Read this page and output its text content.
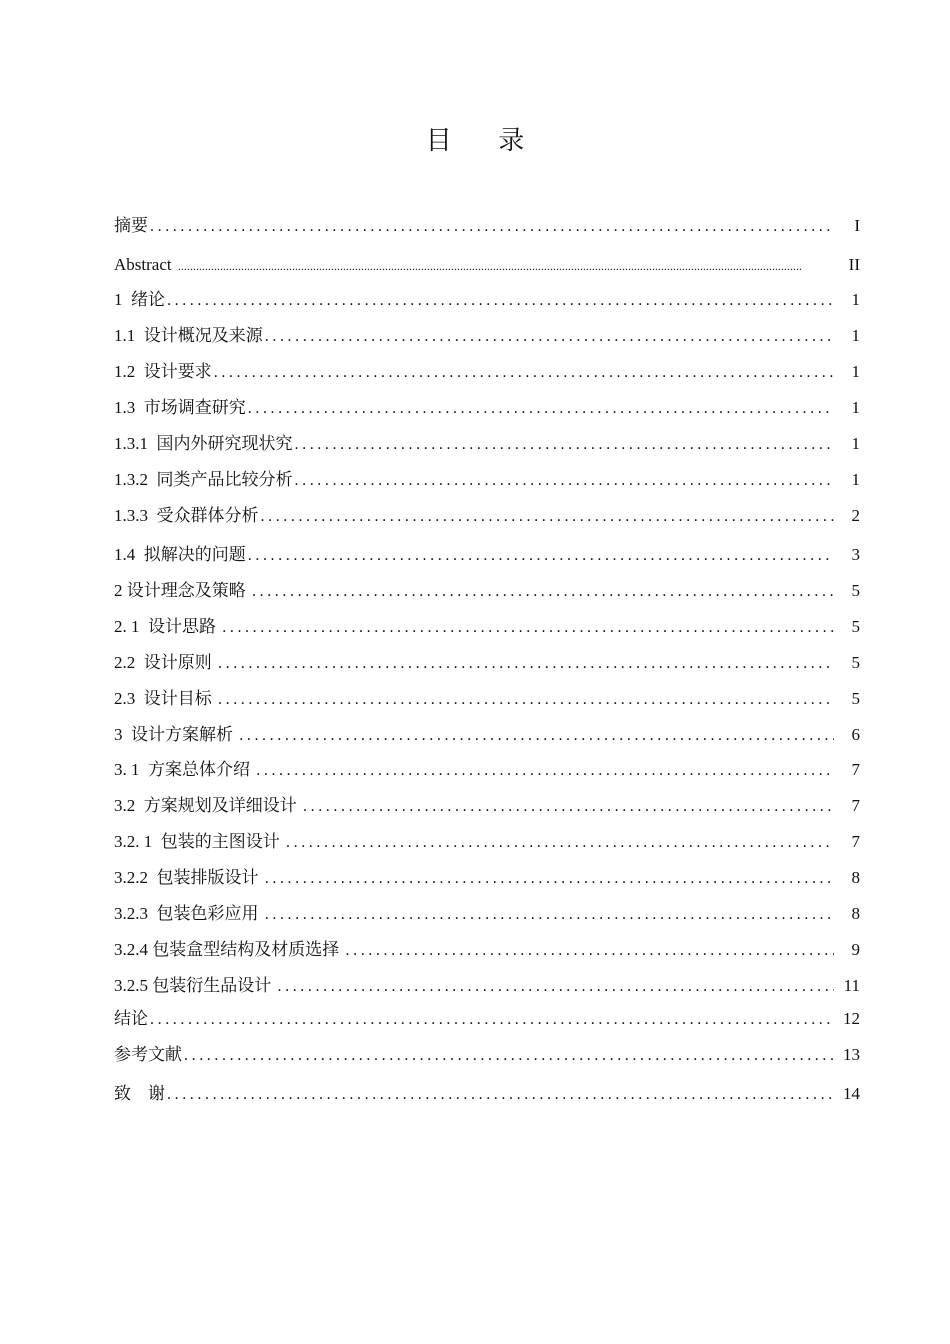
目 录
摘要 .....	I
Abstract .....	II
1  绪论 .....	1
1.1  设计概况及来源 .....	1
1.2  设计要求 .....	1
1.3  市场调查研究 .....	1
1.3.1  国内外研究现状究 .....	1
1.3.2  同类产品比较分析 .....	1
1.3.3  受众群体分析 .....	2
1.4  拟解决的问题 .....	3
2 设计理念及策略 .....	5
2. 1  设计思路 .....	5
2.2  设计原则 .....	5
2.3  设计目标 .....	5
3  设计方案解析 .....	6
3. 1  方案总体介绍 .....	7
3.2  方案规划及详细设计 .....	7
3.2. 1  包装的主图设计 .....	7
3.2.2  包装排版设计 .....	8
3.2.3  包装色彩应用 .....	8
3.2.4 包装盒型结构及材质选择 .....	9
3.2.5 包装衍生品设计 .....	11
结论 .....	12
参考文献 .....	13
致    谢 .....	14
